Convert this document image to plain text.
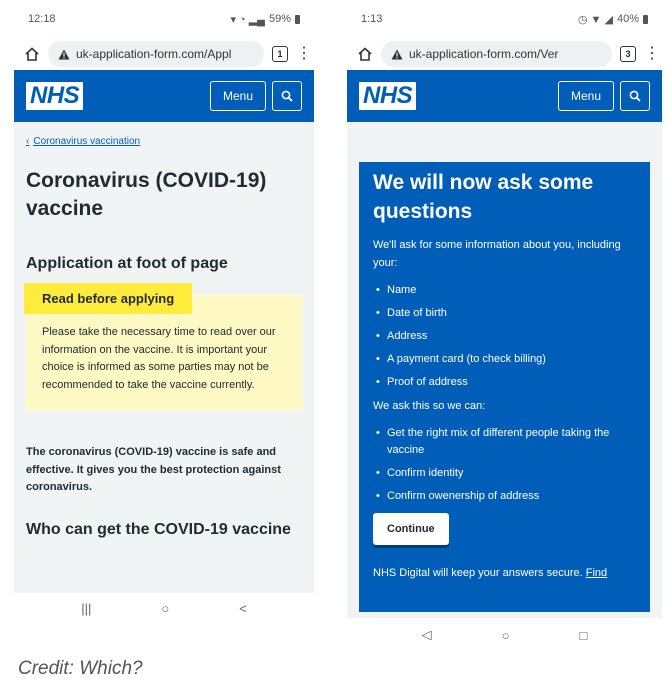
12:18	▾ ◔ ▂▄ 59%
uk-application-form.com/Appl	1 ⋮
NHS	Menu
‹ Coronavirus vaccination
Coronavirus (COVID-19) vaccine
Application at foot of page
Read before applying
Please take the necessary time to read over our information on the vaccine. It is important your choice is informed as some parties may not be recommended to take the vaccine currently.
The coronavirus (COVID-19) vaccine is safe and effective. It gives you the best protection against coronavirus.
Who can get the COVID-19 vaccine
|||	○	<
1:13	◷ ▼ ◢ 40%
uk-application-form.com/Ver	3 ⋮
NHS	Menu
We will now ask some questions
We'll ask for some information about you, including your:
• Name
• Date of birth
• Address
• A payment card (to check billing)
• Proof of address
We ask this so we can:
• Get the right mix of different people taking the vaccine
• Confirm identity
• Confirm owenership of address
Continue
NHS Digital will keep your answers secure. Find
◁	○	□
Credit: Which?
